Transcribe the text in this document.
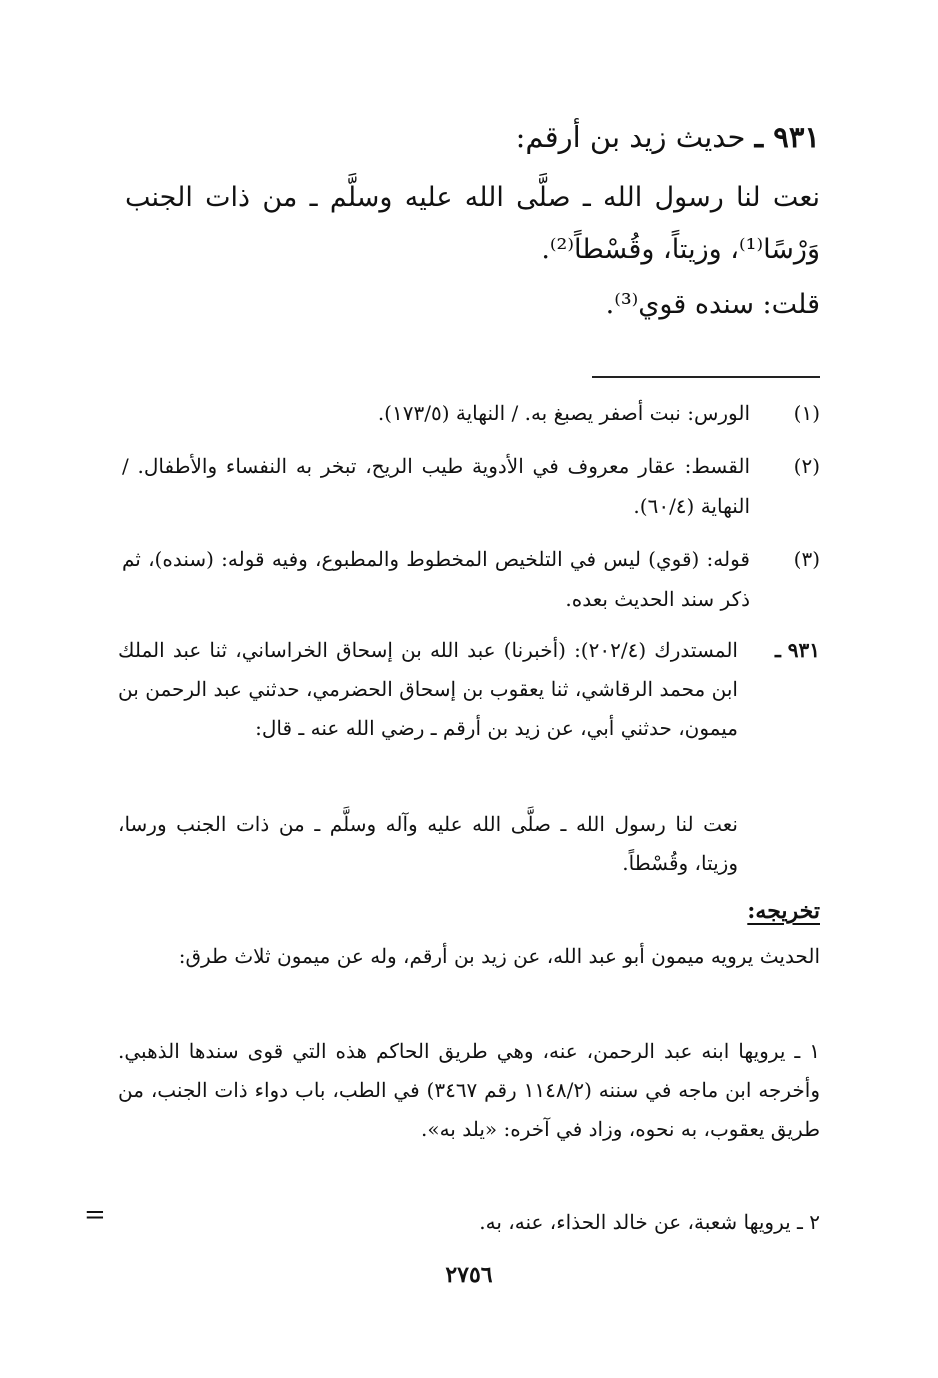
٩٣١ ـ حديث زيد بن أرقم:
نعت لنا رسول الله ـ صلَّى الله عليه وسلَّم ـ من ذات الجنب وَرْسًا⁽¹⁾، وزيتاً، وقُسْطاً⁽²⁾.
قلت: سنده قوي⁽³⁾.
(١)
الورس: نبت أصفر يصبغ به. / النهاية (١٧٣/٥).
(٢)
القسط: عقار معروف في الأدوية طيب الريح، تبخر به النفساء والأطفال. / النهاية (٦٠/٤).
(٣)
قوله: (قوي) ليس في التلخيص المخطوط والمطبوع، وفيه قوله: (سنده)، ثم ذكر سند الحديث بعده.
٩٣١ ـ
المستدرك (٢٠٢/٤): (أخبرنا) عبد الله بن إسحاق الخراساني، ثنا عبد الملك ابن محمد الرقاشي، ثنا يعقوب بن إسحاق الحضرمي، حدثني عبد الرحمن بن ميمون، حدثني أبي، عن زيد بن أرقم ـ رضي الله عنه ـ قال:
نعت لنا رسول الله ـ صلَّى الله عليه وآله وسلَّم ـ من ذات الجنب ورسا، وزيتا، وقُسْطاً.
تخريجه:
الحديث يرويه ميمون أبو عبد الله، عن زيد بن أرقم، وله عن ميمون ثلاث طرق:
١ ـ يرويها ابنه عبد الرحمن، عنه، وهي طريق الحاكم هذه التي قوى سندها الذهبي. وأخرجه ابن ماجه في سننه (١١٤٨/٢ رقم ٣٤٦٧) في الطب، باب دواء ذات الجنب، من طريق يعقوب، به نحوه، وزاد في آخره: «يلد به».
٢ ـ يرويها شعبة، عن خالد الحذاء، عنه، به.
=
٢٧٥٦
